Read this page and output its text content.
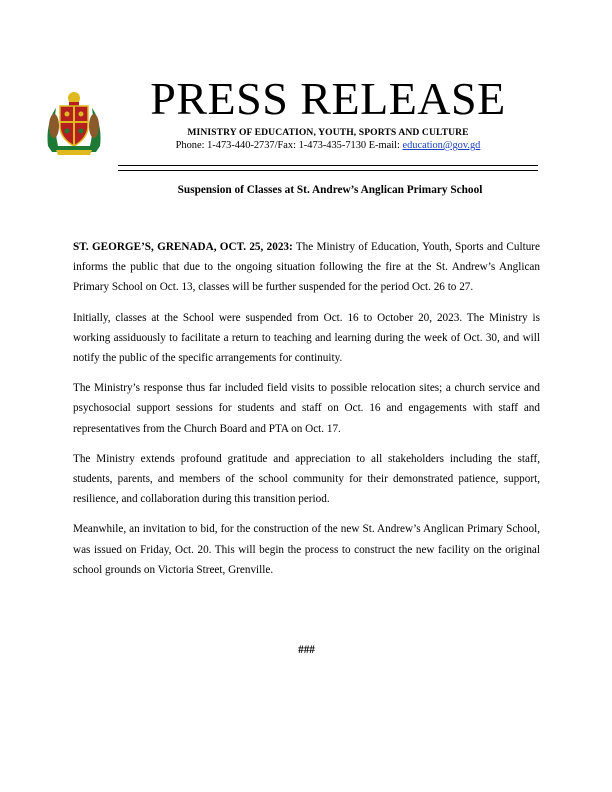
PRESS RELEASE
MINISTRY OF EDUCATION, YOUTH, SPORTS AND CULTURE
Phone: 1-473-440-2737/Fax: 1-473-435-7130 E-mail: education@gov.gd
Suspension of Classes at St. Andrew’s Anglican Primary School

ST. GEORGE’S, GRENADA, OCT. 25, 2023: The Ministry of Education, Youth, Sports and Culture informs the public that due to the ongoing situation following the fire at the St. Andrew’s Anglican Primary School on Oct. 13, classes will be further suspended for the period Oct. 26 to 27.

Initially, classes at the School were suspended from Oct. 16 to October 20, 2023. The Ministry is working assiduously to facilitate a return to teaching and learning during the week of Oct. 30, and will notify the public of the specific arrangements for continuity.

The Ministry’s response thus far included field visits to possible relocation sites; a church service and psychosocial support sessions for students and staff on Oct. 16 and engagements with staff and representatives from the Church Board and PTA on Oct. 17.

The Ministry extends profound gratitude and appreciation to all stakeholders including the staff, students, parents, and members of the school community for their demonstrated patience, support, resilience, and collaboration during this transition period.

Meanwhile, an invitation to bid, for the construction of the new St. Andrew’s Anglican Primary School, was issued on Friday, Oct. 20. This will begin the process to construct the new facility on the original school grounds on Victoria Street, Grenville.

###
